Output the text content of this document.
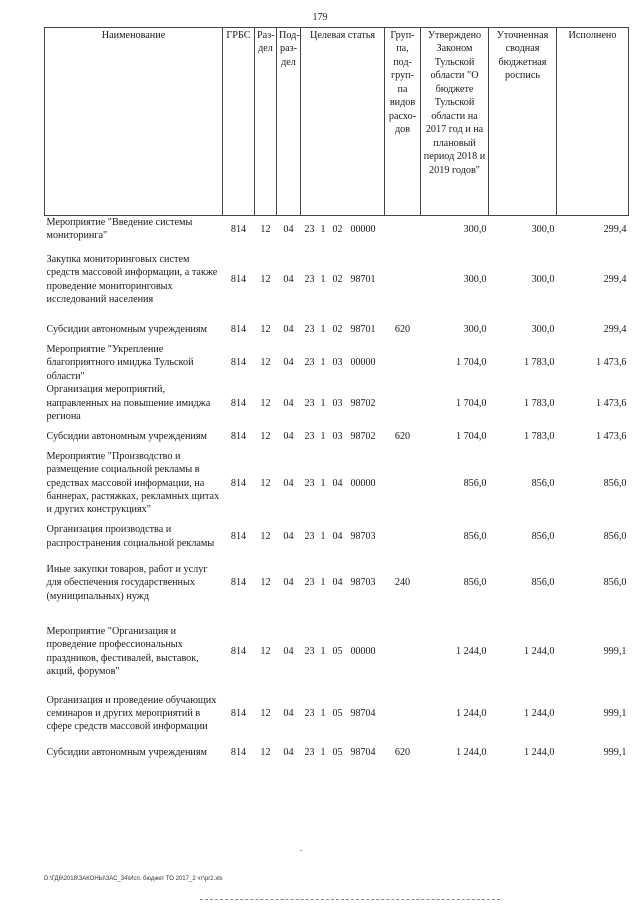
179
Наименование	ГРБС	Раз-дел	Под-раз-дел	Целевая статья	Груп-па, под-груп-па видов расхо-дов	Утверждено Законом Тульской области "О бюджете Тульской области на 2017 год и на плановый период 2018 и 2019 годов"	Уточненная сводная бюджетная роспись	Исполнено
Мероприятие "Введение системы мониторинга"	814	12	04	23 1 02 00000		300,0	300,0	299,4
Закупка мониторинговых систем средств массовой информации, а также проведение мониторинговых исследований населения	814	12	04	23 1 02 98701		300,0	300,0	299,4
Субсидии автономным учреждениям	814	12	04	23 1 02 98701	620	300,0	300,0	299,4
Мероприятие "Укрепление благоприятного имиджа Тульской области"	814	12	04	23 1 03 00000		1 704,0	1 783,0	1 473,6
Организация мероприятий, направленных на повышение имиджа региона	814	12	04	23 1 03 98702		1 704,0	1 783,0	1 473,6
Субсидии автономным учреждениям	814	12	04	23 1 03 98702	620	1 704,0	1 783,0	1 473,6
Мероприятие "Производство и размещение социальной рекламы в средствах массовой информации, на баннерах, растяжках, рекламных щитах и других конструкциях"	814	12	04	23 1 04 00000		856,0	856,0	856,0
Организация производства и распространения социальной рекламы	814	12	04	23 1 04 98703		856,0	856,0	856,0
Иные закупки товаров, работ и услуг для обеспечения государственных (муниципальных) нужд	814	12	04	23 1 04 98703	240	856,0	856,0	856,0

Мероприятие "Организация и проведение профессиональных праздников, фестивалей, выставок, акций, форумов"	814	12	04	23 1 05 00000		1 244,0	1 244,0	999,1

Организация и проведение обучающих семинаров и других мероприятий в сфере средств массовой информации	814	12	04	23 1 05 98704		1 244,0	1 244,0	999,1
Субсидии автономным учреждениям	814	12	04	23 1 05 98704	620	1 244,0	1 244,0	999,1
D:\ГД6\2018\ЗАКОНЫ\ЗАС_34\Исп. бюджет ТО 2017_2 чт\pr2.xls
